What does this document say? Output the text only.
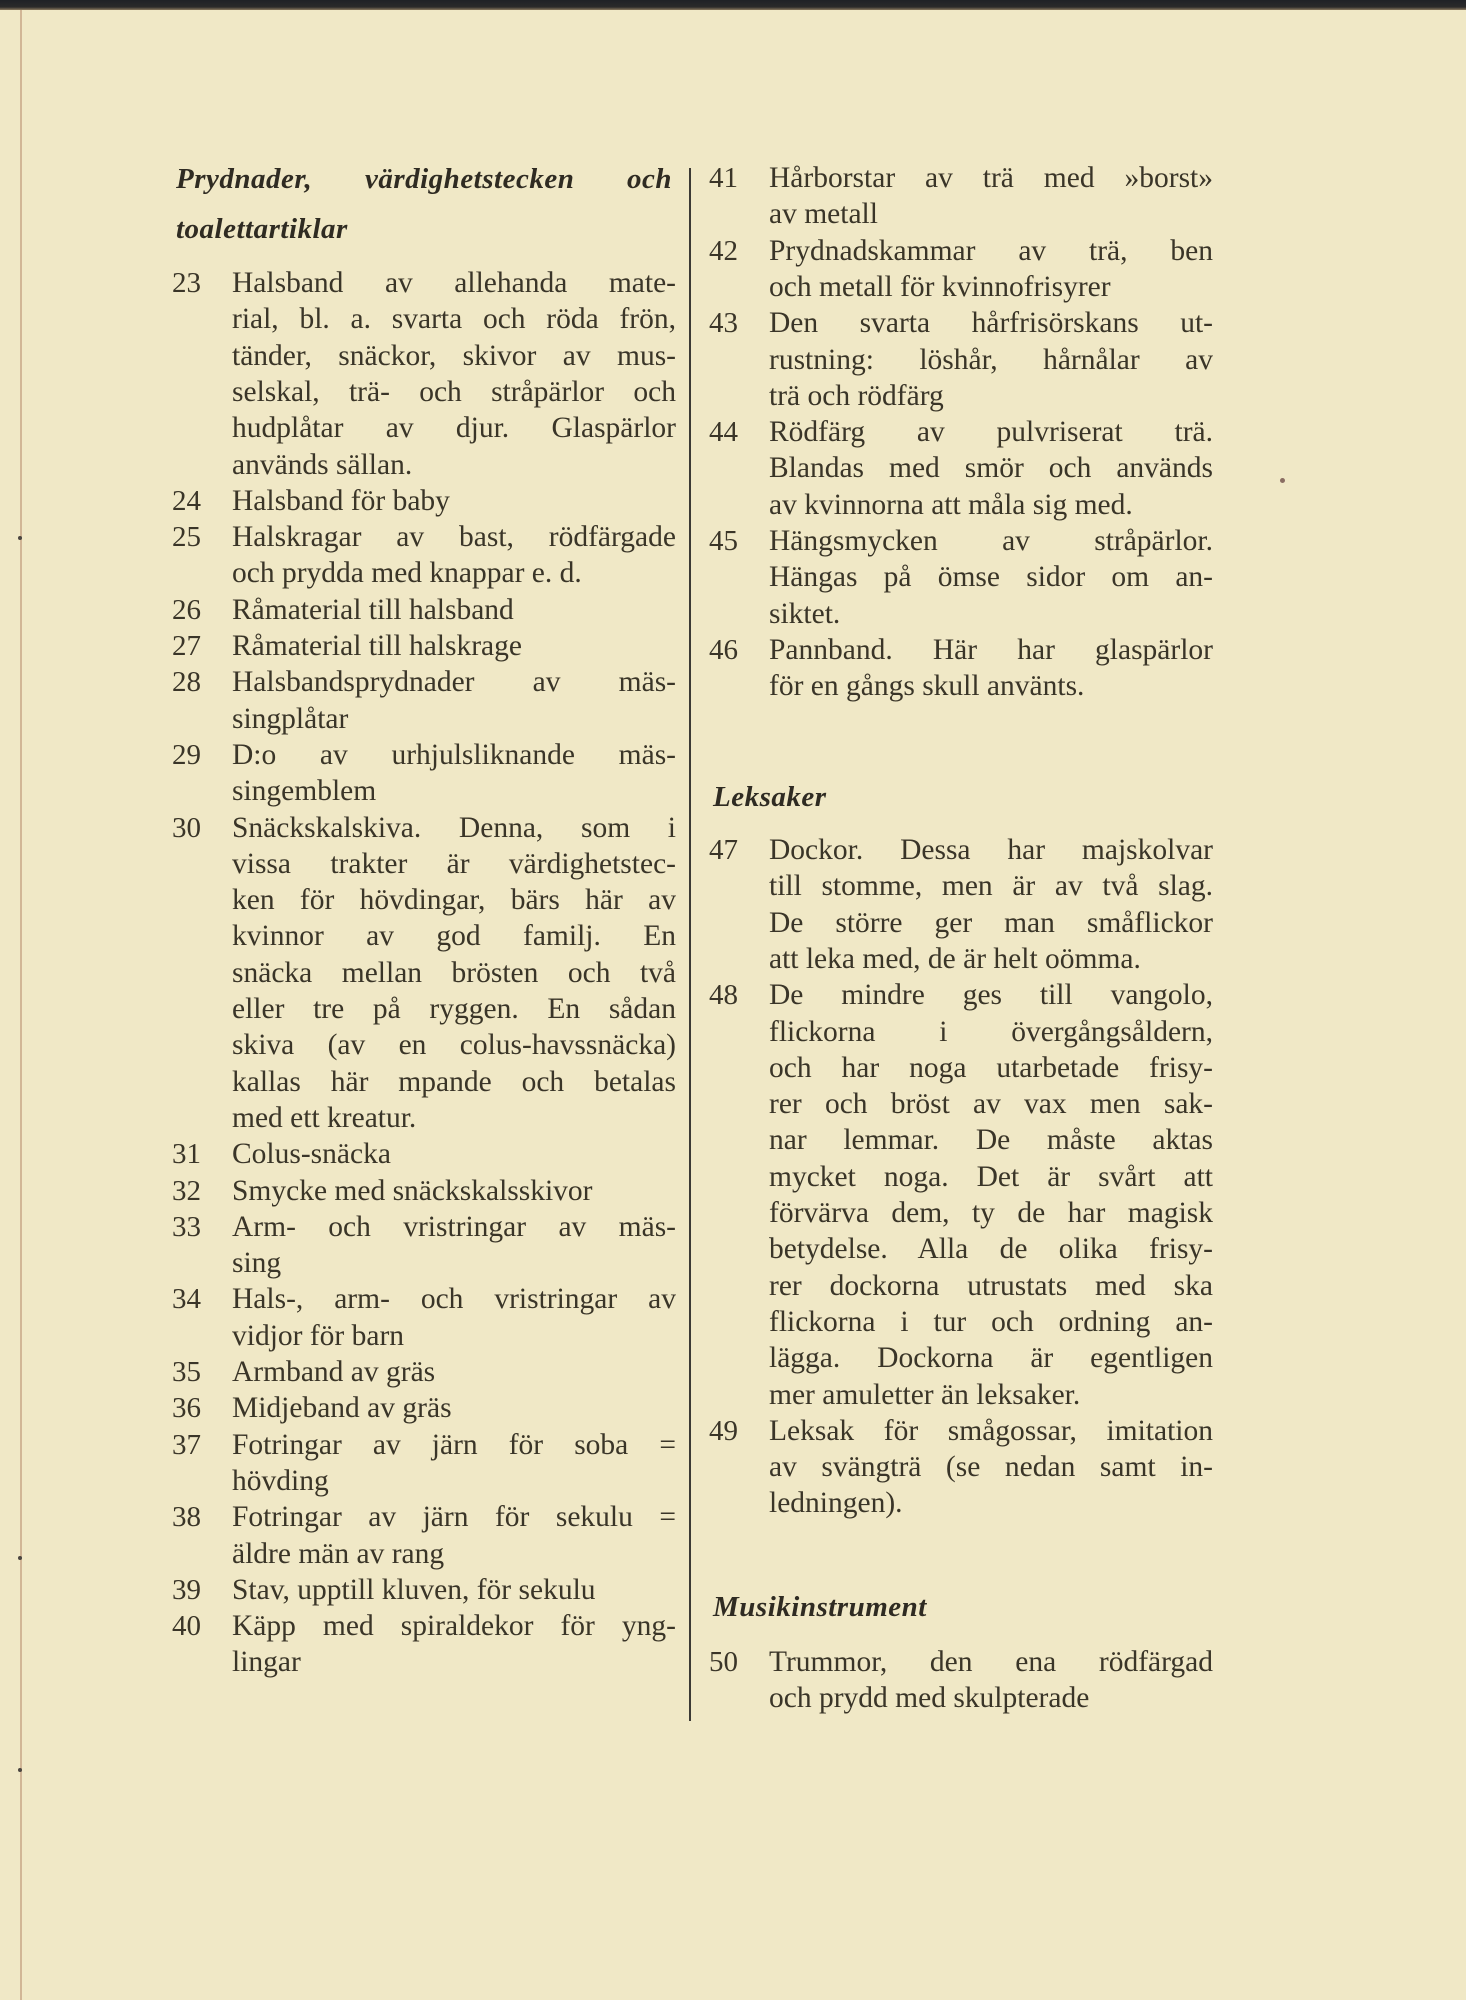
Prydnader, värdighetstecken och
toalettartiklar
23 Halsband av allehanda mate-
rial, bl. a. svarta och röda frön,
tänder, snäckor, skivor av mus-
selskal, trä- och stråpärlor och
hudplåtar av djur. Glaspärlor
används sällan.
24 Halsband för baby
25 Halskragar av bast, rödfärgade
och prydda med knappar e. d.
26 Råmaterial till halsband
27 Råmaterial till halskrage
28 Halsbandsprydnader av mäs-
singplåtar
29 D:o av urhjulsliknande mäs-
singemblem
30 Snäckskalskiva. Denna, som i
vissa trakter är värdighetstec-
ken för hövdingar, bärs här av
kvinnor av god familj. En
snäcka mellan brösten och två
eller tre på ryggen. En sådan
skiva (av en colus-havssnäcka)
kallas här mpande och betalas
med ett kreatur.
31 Colus-snäcka
32 Smycke med snäckskalsskivor
33 Arm- och vristringar av mäs-
sing
34 Hals-, arm- och vristringar av
vidjor för barn
35 Armband av gräs
36 Midjeband av gräs
37 Fotringar av järn för soba =
hövding
38 Fotringar av järn för sekulu =
äldre män av rang
39 Stav, upptill kluven, för sekulu
40 Käpp med spiraldekor för yng-
lingar
Leksaker
Musikinstrument
41 Hårborstar av trä med »borst»
av metall
42 Prydnadskammar av trä, ben
och metall för kvinnofrisyrer
43 Den svarta hårfrisörskans ut-
rustning: löshår, hårnålar av
trä och rödfärg
44 Rödfärg av pulvriserat trä.
Blandas med smör och används
av kvinnorna att måla sig med.
45 Hängsmycken av stråpärlor.
Hängas på ömse sidor om an-
siktet.
46 Pannband. Här har glaspärlor
för en gångs skull använts.
47 Dockor. Dessa har majskolvar
till stomme, men är av två slag.
De större ger man småflickor
att leka med, de är helt oömma.
48 De mindre ges till vangolo,
flickorna i övergångsåldern,
och har noga utarbetade frisy-
rer och bröst av vax men sak-
nar lemmar. De måste aktas
mycket noga. Det är svårt att
förvärva dem, ty de har magisk
betydelse. Alla de olika frisy-
rer dockorna utrustats med ska
flickorna i tur och ordning an-
lägga. Dockorna är egentligen
mer amuletter än leksaker.
49 Leksak för smågossar, imitation
av svängträ (se nedan samt in-
ledningen).
50 Trummor, den ena rödfärgad
och prydd med skulpterade
